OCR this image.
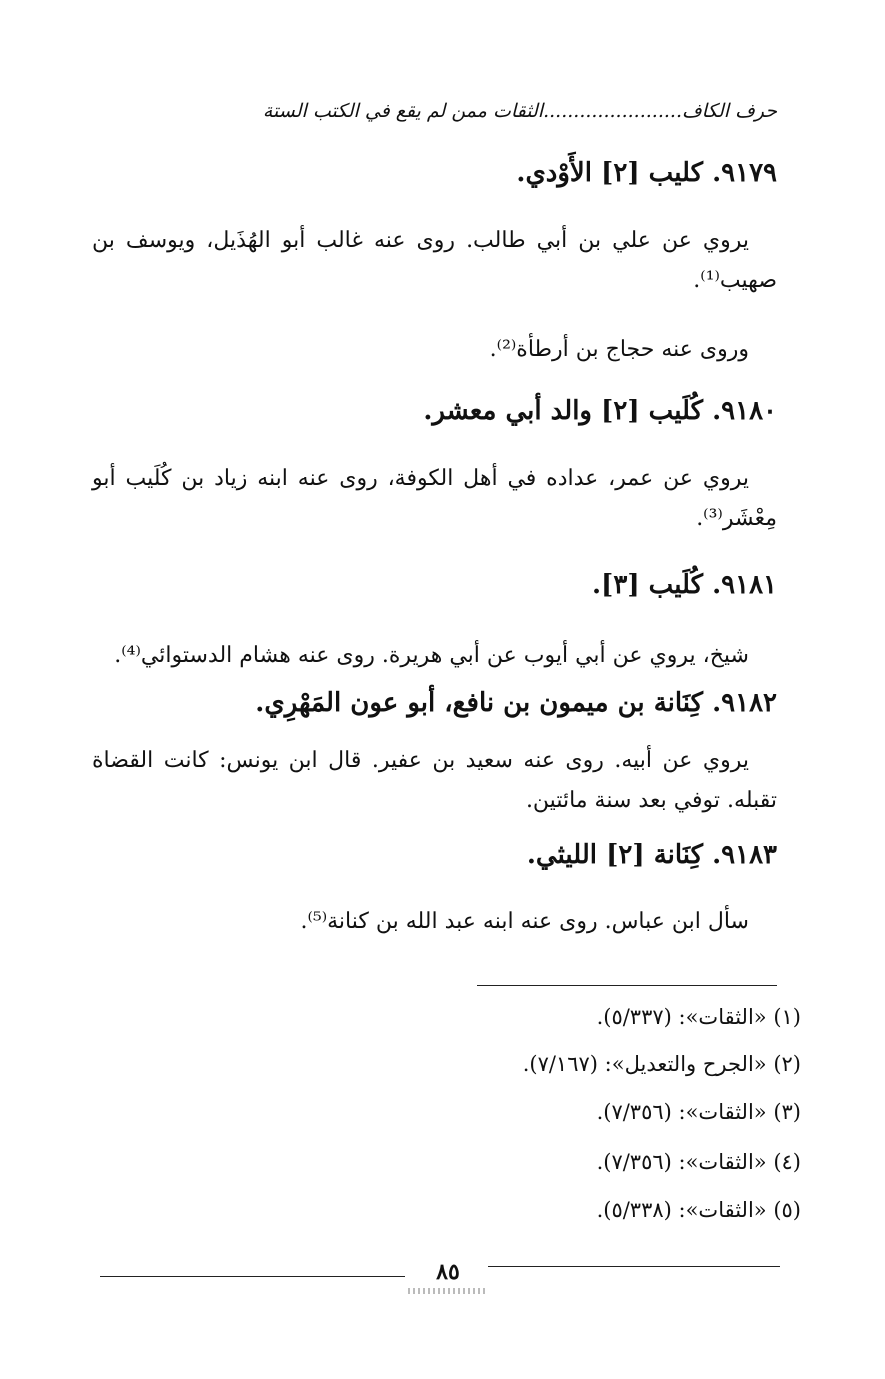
حرف الكاف.......................الثقات ممن لم يقع في الكتب الستة
٩١٧٩. كليب [٢] الأَوْدي.
يروي عن علي بن أبي طالب. روى عنه غالب أبو الهُذَيل، ويوسف بن صهيب⁽¹⁾.
وروى عنه حجاج بن أرطأة⁽²⁾.
٩١٨٠. كُلَيب [٢] والد أبي معشر.
يروي عن عمر، عداده في أهل الكوفة، روى عنه ابنه زياد بن كُلَيب أبو مِعْشَر⁽³⁾.
٩١٨١. كُلَيب [٣].
شيخ، يروي عن أبي أيوب عن أبي هريرة. روى عنه هشام الدستوائي⁽⁴⁾.
٩١٨٢. كِنَانة بن ميمون بن نافع، أبو عون المَهْرِي.
يروي عن أبيه. روى عنه سعيد بن عفير. قال ابن يونس: كانت القضاة تقبله. توفي بعد سنة مائتين.
٩١٨٣. كِنَانة [٢] الليثي.
سأل ابن عباس. روى عنه ابنه عبد الله بن كنانة⁽⁵⁾.
(١) «الثقات»: (٥/٣٣٧).
(٢) «الجرح والتعديل»: (٧/١٦٧).
(٣) «الثقات»: (٧/٣٥٦).
(٤) «الثقات»: (٧/٣٥٦).
(٥) «الثقات»: (٥/٣٣٨).
٨٥
